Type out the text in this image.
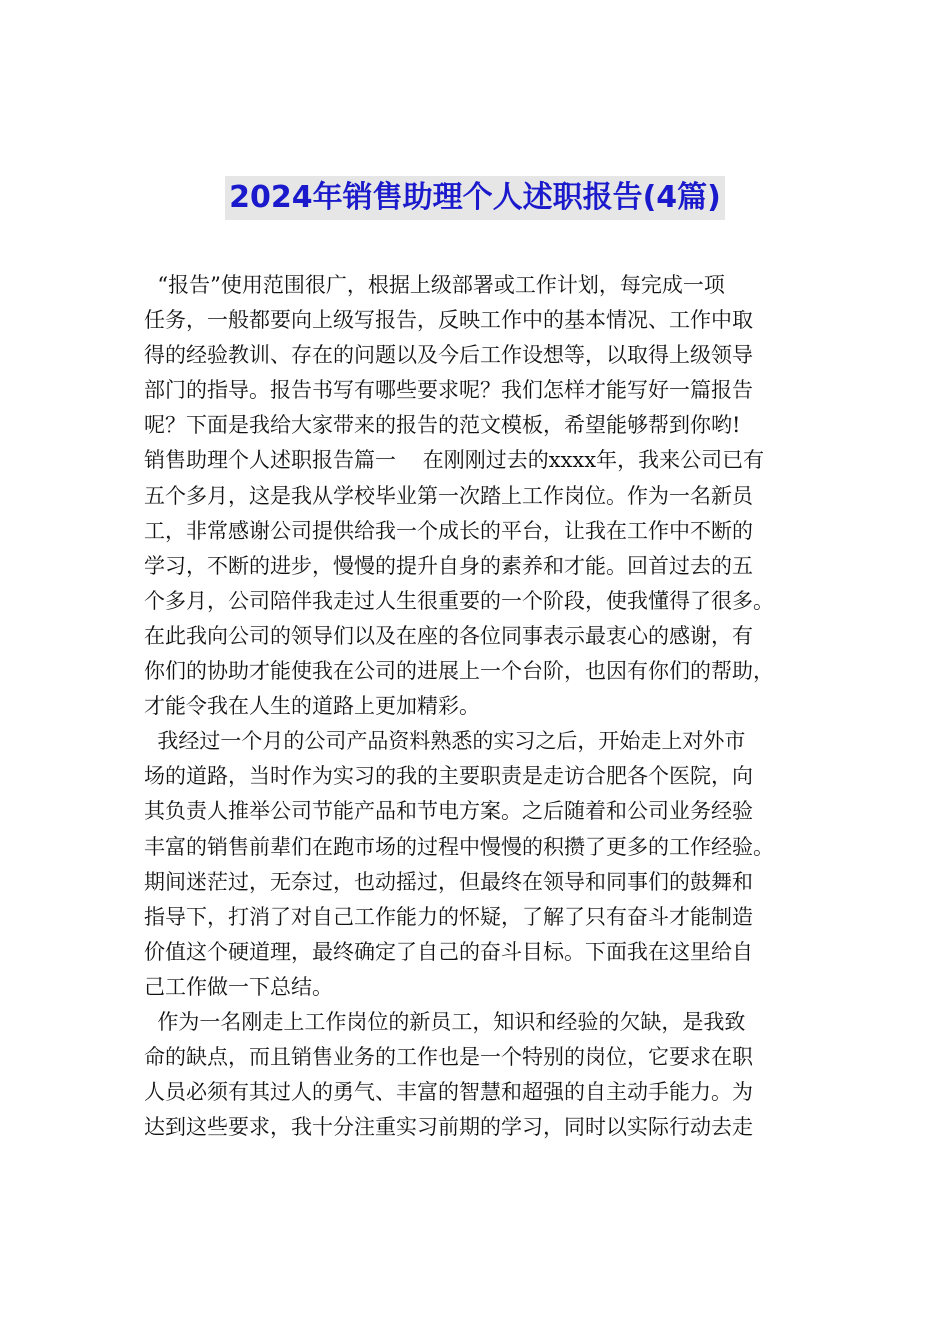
2024年销售助理个人述职报告(4篇)
“报告”使用范围很广，根据上级部署或工作计划，每完成一项
任务，一般都要向上级写报告，反映工作中的基本情况、工作中取
得的经验教训、存在的问题以及今后工作设想等，以取得上级领导
部门的指导。报告书写有哪些要求呢？我们怎样才能写好一篇报告
呢？下面是我给大家带来的报告的范文模板，希望能够帮到你哟!
销售助理个人述职报告篇一    在刚刚过去的xxxx年，我来公司已有
五个多月，这是我从学校毕业第一次踏上工作岗位。作为一名新员
工，非常感谢公司提供给我一个成长的平台，让我在工作中不断的
学习，不断的进步，慢慢的提升自身的素养和才能。回首过去的五
个多月，公司陪伴我走过人生很重要的一个阶段，使我懂得了很多。
在此我向公司的领导们以及在座的各位同事表示最衷心的感谢，有
你们的协助才能使我在公司的进展上一个台阶，也因有你们的帮助，
才能令我在人生的道路上更加精彩。
我经过一个月的公司产品资料熟悉的实习之后，开始走上对外市
场的道路，当时作为实习的我的主要职责是走访合肥各个医院，向
其负责人推举公司节能产品和节电方案。之后随着和公司业务经验
丰富的销售前辈们在跑市场的过程中慢慢的积攒了更多的工作经验。
期间迷茫过，无奈过，也动摇过，但最终在领导和同事们的鼓舞和
指导下，打消了对自己工作能力的怀疑，了解了只有奋斗才能制造
价值这个硬道理，最终确定了自己的奋斗目标。下面我在这里给自
己工作做一下总结。
作为一名刚走上工作岗位的新员工，知识和经验的欠缺，是我致
命的缺点，而且销售业务的工作也是一个特别的岗位，它要求在职
人员必须有其过人的勇气、丰富的智慧和超强的自主动手能力。为
达到这些要求，我十分注重实习前期的学习，同时以实际行动去走
